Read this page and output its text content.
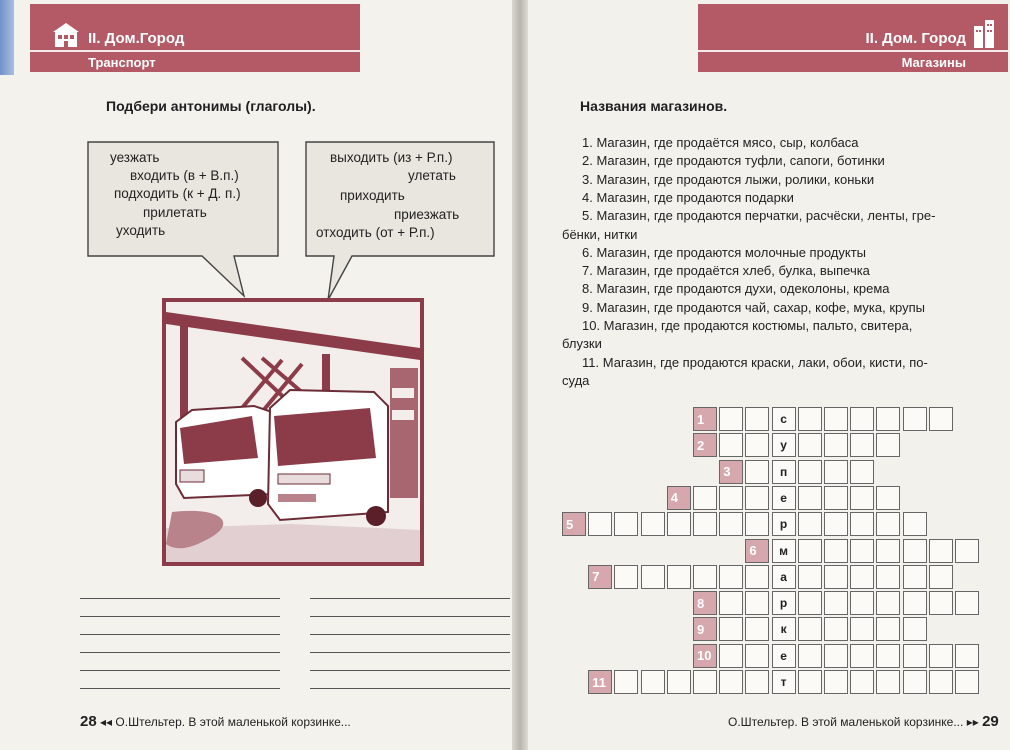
II. Дом.Город
Транспорт
Подбери антонимы (глаголы).
уезжать
входить (в + В.п.)
подходить (к + Д. п.)
прилетать
уходить
выходить (из + Р.п.)
улетать
приходить
приезжать
отходить (от + Р.п.)
28 ◂◂ О.Штельтер. В этой маленькой корзинке...
II. Дом. Город
Магазины
Названия магазинов.
1. Магазин, где продаётся мясо, сыр, колбаса
2. Магазин, где продаются туфли, сапоги, ботинки
3. Магазин, где продаются лыжи, ролики, коньки
4. Магазин, где продаются подарки
5. Магазин, где продаются перчатки, расчёски, ленты, гре-
бёнки, нитки
6. Магазин, где продаются молочные продукты
7. Магазин, где продаётся хлеб, булка, выпечка
8. Магазин, где продаются духи, одеколоны, крема
9. Магазин, где продаются чай, сахар, кофе, мука, крупы
10. Магазин, где продаются костюмы, пальто, свитера,
блузки
11. Магазин, где продаются краски, лаки, обои, кисти, по-
суда
1	с
2	у
3	п
4	е
5	р
6	м
7	а
8	р
9	к
10	е
11	т
О.Штельтер. В этой маленькой корзинке... ▸▸ 29
